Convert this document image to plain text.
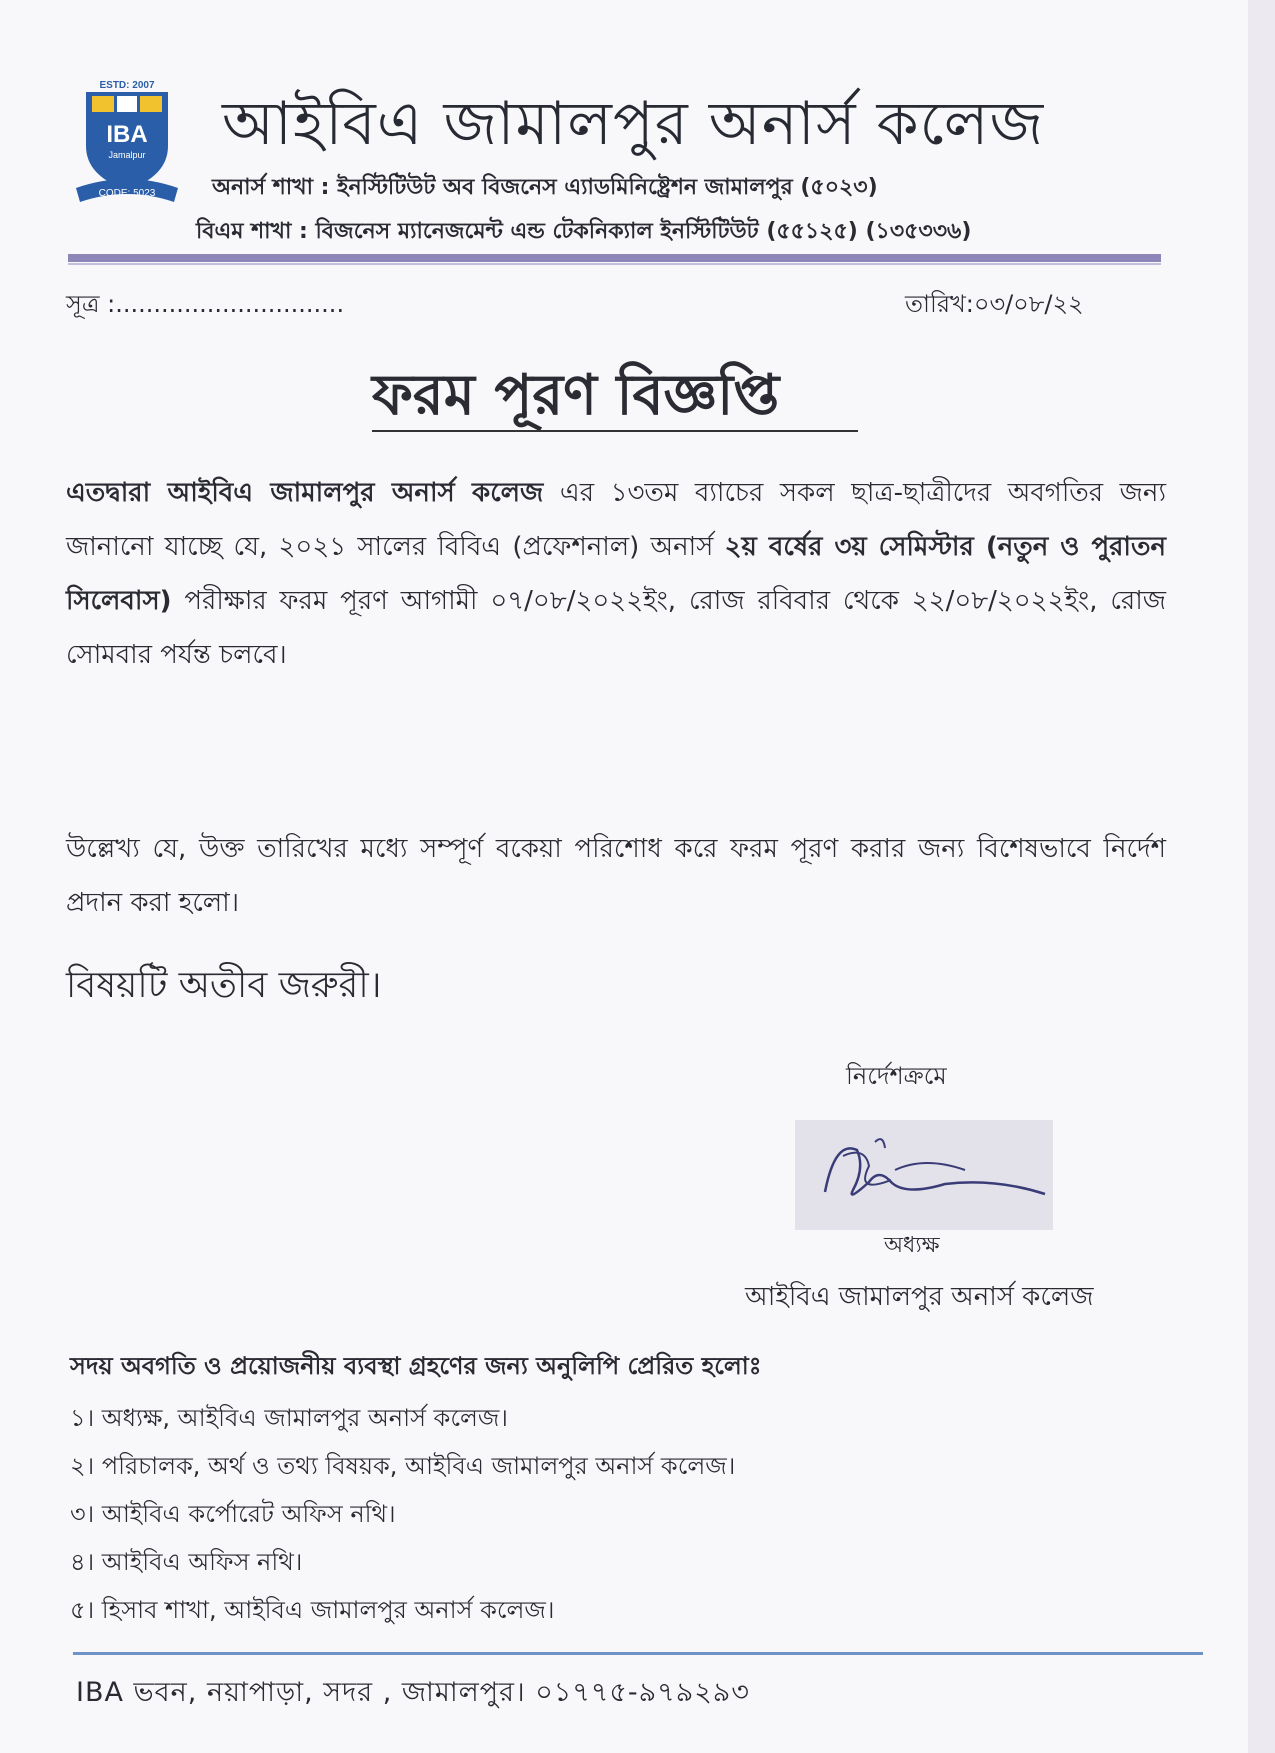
ESTD: 2007
IBA
Jamalpur
CODE: 5023
আইবিএ জামালপুর অনার্স কলেজ
অনার্স শাখা : ইনস্টিটিউট অব বিজনেস এ্যাডমিনিষ্ট্রেশন জামালপুর (৫০২৩)
বিএম শাখা : বিজনেস ম্যানেজমেন্ট এন্ড টেকনিক্যাল ইনস্টিটিউট (৫৫১২৫) (১৩৫৩৩৬)
সূত্র :..............................	তারিখ:০৩/০৮/২২
ফরম পূরণ বিজ্ঞপ্তি
এতদ্বারা আইবিএ জামালপুর অনার্স কলেজ এর ১৩তম ব্যাচের সকল ছাত্র-ছাত্রীদের অবগতির জন্য জানানো যাচ্ছে যে, ২০২১ সালের বিবিএ (প্রফেশনাল) অনার্স ২য় বর্ষের ৩য় সেমিস্টার (নতুন ও পুরাতন সিলেবাস) পরীক্ষার ফরম পূরণ আগামী ০৭/০৮/২০২২ইং, রোজ রবিবার থেকে ২২/০৮/২০২২ইং, রোজ সোমবার পর্যন্ত চলবে।
উল্লেখ্য যে, উক্ত তারিখের মধ্যে সম্পূর্ণ বকেয়া পরিশোধ করে ফরম পূরণ করার জন্য বিশেষভাবে নির্দেশ প্রদান করা হলো।
বিষয়টি অতীব জরুরী।
নির্দেশক্রমে
অধ্যক্ষ
আইবিএ জামালপুর অনার্স কলেজ
সদয় অবগতি ও প্রয়োজনীয় ব্যবস্থা গ্রহণের জন্য অনুলিপি প্রেরিত হলোঃ
১। অধ্যক্ষ, আইবিএ জামালপুর অনার্স কলেজ।
২। পরিচালক, অর্থ ও তথ্য বিষয়ক, আইবিএ জামালপুর অনার্স কলেজ।
৩। আইবিএ কর্পোরেট অফিস নথি।
৪। আইবিএ অফিস নথি।
৫। হিসাব শাখা, আইবিএ জামালপুর অনার্স কলেজ।
IBA ভবন, নয়াপাড়া, সদর , জামালপুর। ০১৭৭৫-৯৭৯২৯৩
